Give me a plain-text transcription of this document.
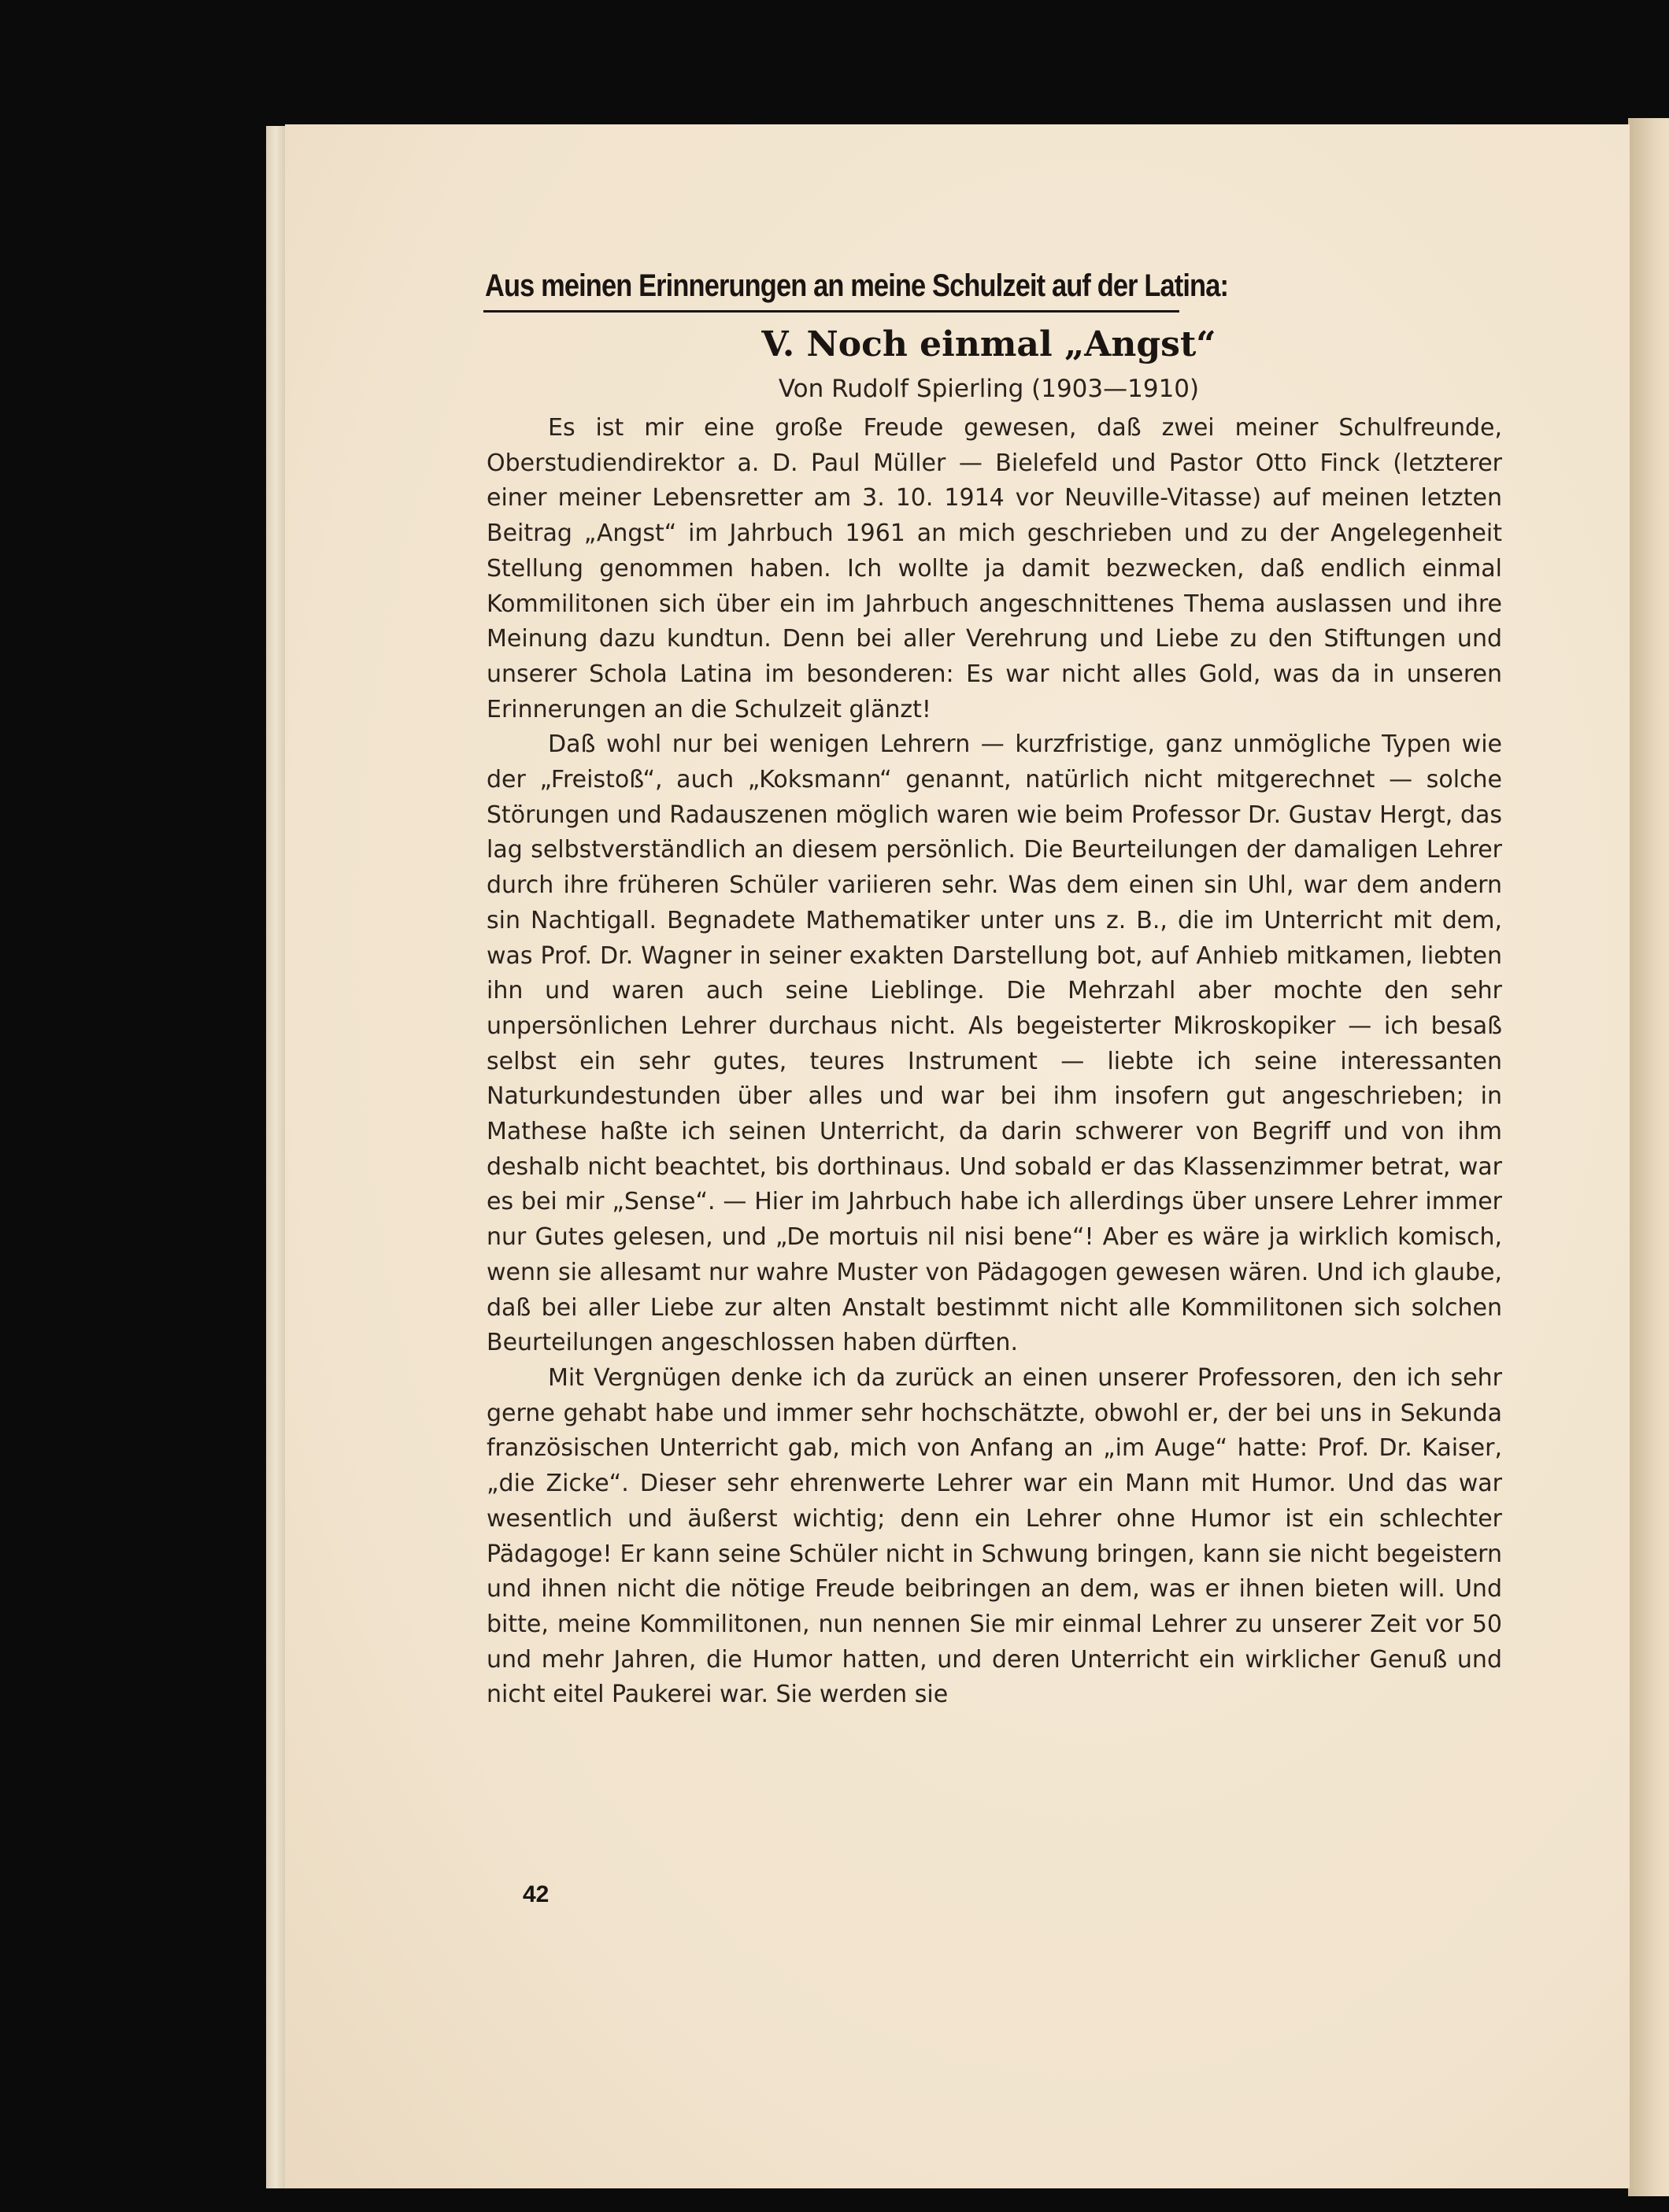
Aus meinen Erinnerungen an meine Schulzeit auf der Latina:
V. Noch einmal „Angst“
Von Rudolf Spierling (1903—1910)

Es ist mir eine große Freude gewesen, daß zwei meiner Schulfreunde, Oberstudiendirektor a. D. Paul Müller — Bielefeld und Pastor Otto Finck (letzterer einer meiner Lebensretter am 3. 10. 1914 vor Neuville-Vitasse) auf meinen letzten Beitrag „Angst“ im Jahrbuch 1961 an mich geschrieben und zu der Angelegenheit Stellung genommen haben. Ich wollte ja damit bezwecken, daß endlich einmal Kommilitonen sich über ein im Jahrbuch angeschnittenes Thema auslassen und ihre Meinung dazu kundtun. Denn bei aller Verehrung und Liebe zu den Stiftungen und unserer Schola Latina im besonderen: Es war nicht alles Gold, was da in unseren Erinnerungen an die Schulzeit glänzt!

Daß wohl nur bei wenigen Lehrern — kurzfristige, ganz unmögliche Typen wie der „Freistoß“, auch „Koksmann“ genannt, natürlich nicht mitgerechnet — solche Störungen und Radauszenen möglich waren wie beim Professor Dr. Gustav Hergt, das lag selbstverständlich an diesem persönlich. Die Beurteilungen der damaligen Lehrer durch ihre früheren Schüler variieren sehr. Was dem einen sin Uhl, war dem andern sin Nachtigall. Begnadete Mathematiker unter uns z. B., die im Unterricht mit dem, was Prof. Dr. Wagner in seiner exakten Darstellung bot, auf Anhieb mitkamen, liebten ihn und waren auch seine Lieblinge. Die Mehrzahl aber mochte den sehr unpersönlichen Lehrer durchaus nicht. Als begeisterter Mikroskopiker — ich besaß selbst ein sehr gutes, teures Instrument — liebte ich seine interessanten Naturkundestunden über alles und war bei ihm insofern gut angeschrieben; in Mathese haßte ich seinen Unterricht, da darin schwerer von Begriff und von ihm deshalb nicht beachtet, bis dorthinaus. Und sobald er das Klassenzimmer betrat, war es bei mir „Sense“. — Hier im Jahrbuch habe ich allerdings über unsere Lehrer immer nur Gutes gelesen, und „De mortuis nil nisi bene“! Aber es wäre ja wirklich komisch, wenn sie allesamt nur wahre Muster von Pädagogen gewesen wären. Und ich glaube, daß bei aller Liebe zur alten Anstalt bestimmt nicht alle Kommilitonen sich solchen Beurteilungen angeschlossen haben dürften.

Mit Vergnügen denke ich da zurück an einen unserer Professoren, den ich sehr gerne gehabt habe und immer sehr hochschätzte, obwohl er, der bei uns in Sekunda französischen Unterricht gab, mich von Anfang an „im Auge“ hatte: Prof. Dr. Kaiser, „die Zicke“. Dieser sehr ehrenwerte Lehrer war ein Mann mit Humor. Und das war wesentlich und äußerst wichtig; denn ein Lehrer ohne Humor ist ein schlechter Pädagoge! Er kann seine Schüler nicht in Schwung bringen, kann sie nicht begeistern und ihnen nicht die nötige Freude beibringen an dem, was er ihnen bieten will. Und bitte, meine Kommilitonen, nun nennen Sie mir einmal Lehrer zu unserer Zeit vor 50 und mehr Jahren, die Humor hatten, und deren Unterricht ein wirklicher Genuß und nicht eitel Paukerei war. Sie werden sie

42
